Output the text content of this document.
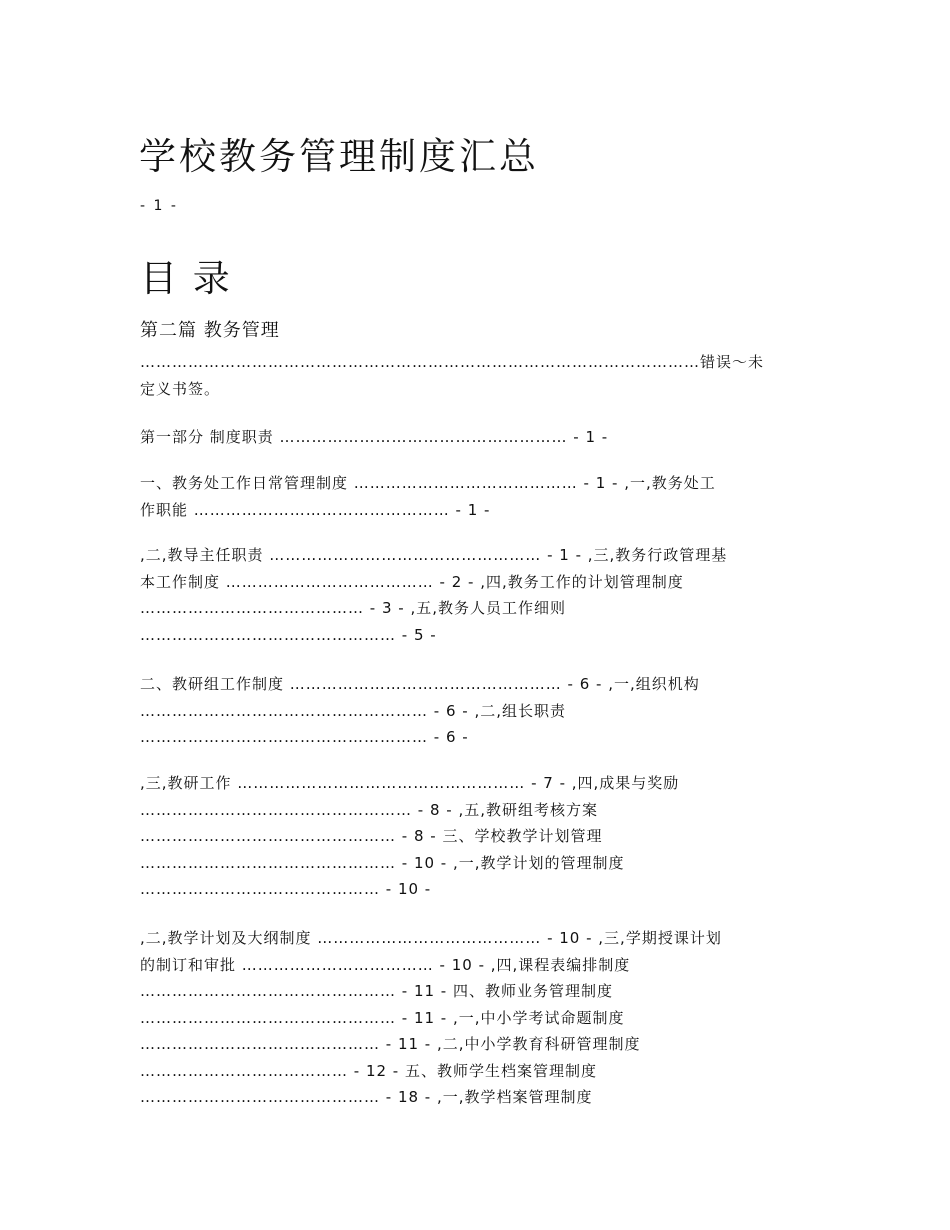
学校教务管理制度汇总
- 1 -
目 录
第二篇 教务管理
……………………………………………………………………………………………错误～未
定义书签。
第一部分 制度职责 ……………………………………………… - 1 -
一、教务处工作日常管理制度 …………………………………… - 1 - ,一,教务处工
作职能 ………………………………………… - 1 -
,二,教导主任职责 …………………………………………… - 1 - ,三,教务行政管理基
本工作制度 ………………………………… - 2 - ,四,教务工作的计划管理制度
…………………………………… - 3 - ,五,教务人员工作细则
………………………………………… - 5 -
二、教研组工作制度 …………………………………………… - 6 - ,一,组织机构
……………………………………………… - 6 - ,二,组长职责
……………………………………………… - 6 -
,三,教研工作 ……………………………………………… - 7 - ,四,成果与奖励
…………………………………………… - 8 - ,五,教研组考核方案
………………………………………… - 8 - 三、学校教学计划管理
………………………………………… - 10 - ,一,教学计划的管理制度
……………………………………… - 10 -
,二,教学计划及大纲制度 …………………………………… - 10 - ,三,学期授课计划
的制订和审批 ……………………………… - 10 - ,四,课程表编排制度
………………………………………… - 11 - 四、教师业务管理制度
………………………………………… - 11 - ,一,中小学考试命题制度
……………………………………… - 11 - ,二,中小学教育科研管理制度
………………………………… - 12 - 五、教师学生档案管理制度
……………………………………… - 18 - ,一,教学档案管理制度
